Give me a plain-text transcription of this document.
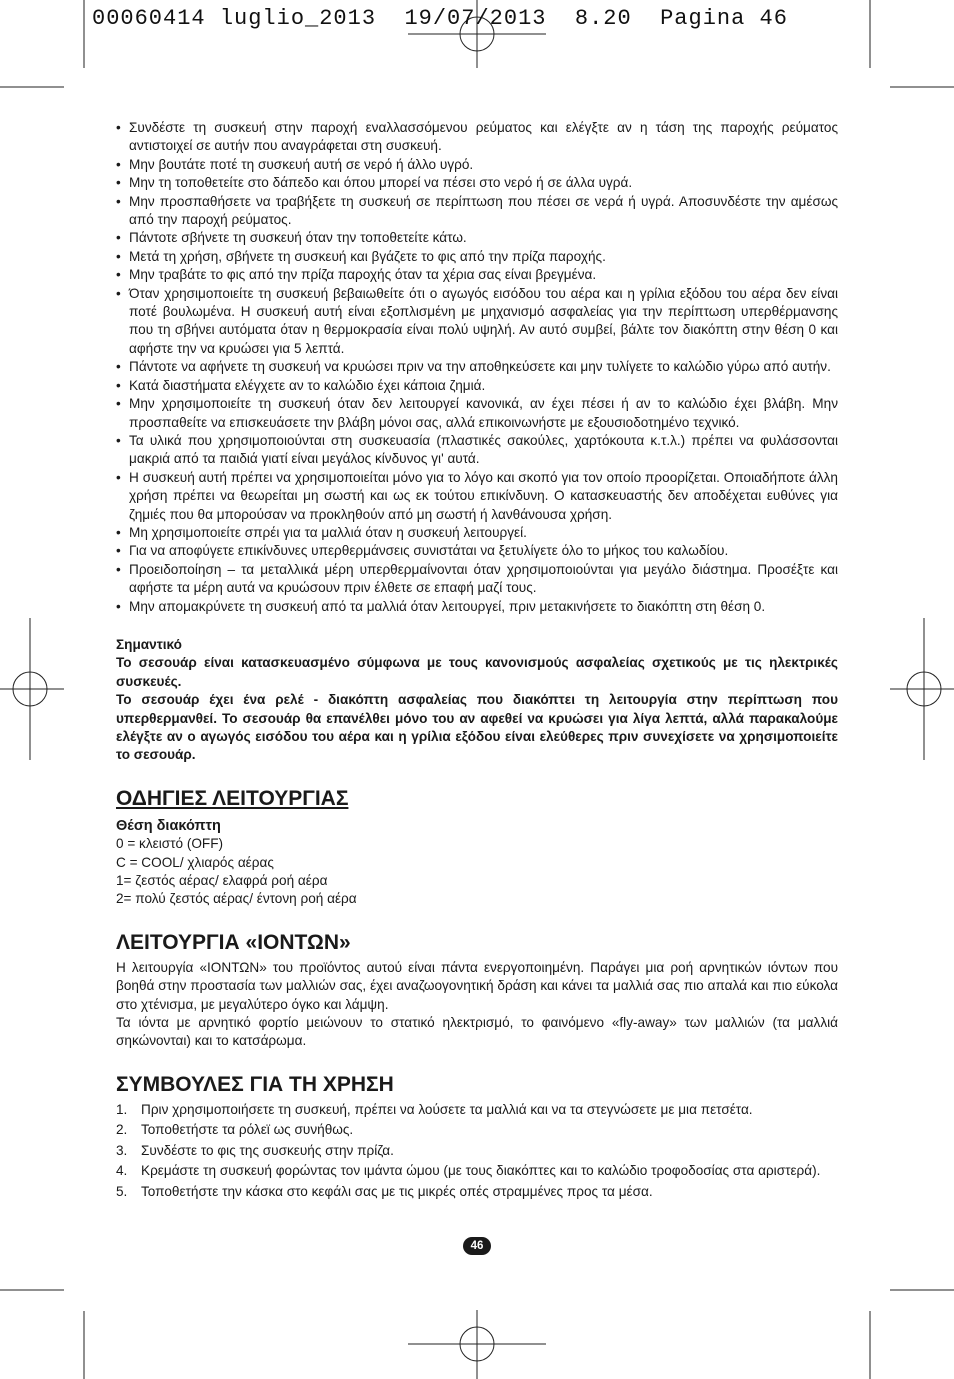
00060414 luglio_2013  19/07/2013  8.20  Pagina 46
• Συνδέστε τη συσκευή στην παροχή εναλλασσόμενου ρεύματος και ελέγξτε αν η τάση της παροχής ρεύματος αντιστοιχεί σε αυτήν που αναγράφεται στη συσκευή.
• Μην βουτάτε ποτέ τη συσκευή αυτή σε νερό ή άλλο υγρό.
• Μην τη τοποθετείτε στο δάπεδο και όπου μπορεί να πέσει στο νερό ή σε άλλα υγρά.
• Μην προσπαθήσετε να τραβήξετε τη συσκευή σε περίπτωση που πέσει σε νερά ή υγρά. Αποσυνδέστε την αμέσως από την παροχή ρεύματος.
• Πάντοτε σβήνετε τη συσκευή όταν την τοποθετείτε κάτω.
• Μετά τη χρήση, σβήνετε τη συσκευή και βγάζετε το φις από την πρίζα παροχής.
• Μην τραβάτε το φις από την πρίζα παροχής όταν τα χέρια σας είναι βρεγμένα.
• Όταν χρησιμοποιείτε τη συσκευή βεβαιωθείτε ότι ο αγωγός εισόδου του αέρα και η γρίλια εξόδου του αέρα δεν είναι ποτέ βουλωμένα. Η συσκευή αυτή είναι εξοπλισμένη με μηχανισμό ασφαλείας για την περίπτωση υπερθέρμανσης που τη σβήνει αυτόματα όταν η θερμοκρασία είναι πολύ υψηλή. Αν αυτό συμβεί, βάλτε τον διακόπτη στην θέση 0 και αφήστε την να κρυώσει για 5 λεπτά.
• Πάντοτε να αφήνετε τη συσκευή να κρυώσει πριν να την αποθηκεύσετε και μην τυλίγετε το καλώδιο γύρω από αυτήν.
• Κατά διαστήματα ελέγχετε αν το καλώδιο έχει κάποια ζημιά.
• Μην χρησιμοποιείτε τη συσκευή όταν δεν λειτουργεί κανονικά, αν έχει πέσει ή αν το καλώδιο έχει βλάβη. Μην προσπαθείτε να επισκευάσετε την βλάβη μόνοι σας, αλλά επικοινωνήστε με εξουσιοδοτημένο τεχνικό.
• Τα υλικά που χρησιμοποιούνται στη συσκευασία (πλαστικές σακούλες, χαρτόκουτα κ.τ.λ.) πρέπει να φυλάσσονται μακριά από τα παιδιά γιατί είναι μεγάλος κίνδυνος γι' αυτά.
• Η συσκευή αυτή πρέπει να χρησιμοποιείται μόνο για το λόγο και σκοπό για τον οποίο προορίζεται. Οποιαδήποτε άλλη χρήση πρέπει να θεωρείται μη σωστή και ως εκ τούτου επικίνδυνη. Ο κατασκευαστής δεν αποδέχεται ευθύνες για ζημιές που θα μπορούσαν να προκληθούν από μη σωστή ή λανθάνουσα χρήση.
• Μη χρησιμοποιείτε σπρέι για τα μαλλιά όταν η συσκευή λειτουργεί.
• Για να αποφύγετε επικίνδυνες υπερθερμάνσεις συνιστάται να ξετυλίγετε όλο το μήκος του καλωδίου.
• Προειδοποίηση – τα μεταλλικά μέρη υπερθερμαίνονται όταν χρησιμοποιούνται για μεγάλο διάστημα. Προσέξτε και αφήστε τα μέρη αυτά να κρυώσουν πριν έλθετε σε επαφή μαζί τους.
• Μην απομακρύνετε τη συσκευή από τα μαλλιά όταν λειτουργεί, πριν μετακινήσετε το διακόπτη στη θέση 0.
Σημαντικό
Το σεσουάρ είναι κατασκευασμένο σύμφωνα με τους κανονισμούς ασφαλείας σχετικούς με τις ηλεκτρικές συσκευές.
Το σεσουάρ έχει ένα ρελέ - διακόπτη ασφαλείας που διακόπτει τη λειτουργία στην περίπτωση που υπερθερμανθεί. Το σεσουάρ θα επανέλθει μόνο του αν αφεθεί να κρυώσει για λίγα λεπτά, αλλά παρακαλούμε ελέγξτε αν ο αγωγός εισόδου του αέρα και η γρίλια εξόδου είναι ελεύθερες πριν συνεχίσετε να χρησιμοποιείτε το σεσουάρ.
ΟΔΗΓΙΕΣ ΛΕΙΤΟΥΡΓΙΑΣ
Θέση διακόπτη

0 = κλειστό (OFF)

C = COOL/ χλιαρός αέρας

1= ζεστός αέρας/ ελαφρά ροή αέρα

2= πολύ ζεστός αέρας/ έντονη ροή αέρα

ΛΕΙΤΟΥΡΓΙΑ «ΙΟΝΤΩΝ»

Η λειτουργία «ΙΟΝΤΩΝ» του προϊόντος αυτού είναι πάντα ενεργοποιημένη. Παράγει μια ροή αρνητικών ιόντων που βοηθά στην προστασία των μαλλιών σας, έχει αναζωογονητική δράση και κάνει τα μαλλιά σας πιο απαλά και πιο εύκολα στο χτένισμα, με μεγαλύτερο όγκο και λάμψη.

Τα ιόντα με αρνητικό φορτίο μειώνουν το στατικό ηλεκτρισμό, το φαινόμενο «fly-away» των μαλλιών (τα μαλλιά σηκώνονται) και το κατσάρωμα.

ΣΥΜΒΟΥΛΕΣ ΓΙΑ ΤΗ ΧΡΗΣΗ
1. Πριν χρησιμοποιήσετε τη συσκευή, πρέπει να λούσετε τα μαλλιά και να τα στεγνώσετε με μια πετσέτα.
2. Τοποθετήστε τα ρόλεϊ ως συνήθως.
3. Συνδέστε το φις της συσκευής στην πρίζα.
4. Κρεμάστε τη συσκευή φορώντας τον ιμάντα ώμου (με τους διακόπτες και το καλώδιο τροφοδοσίας στα αριστερά).
5. Τοποθετήστε την κάσκα στο κεφάλι σας με τις μικρές οπές στραμμένες προς τα μέσα.
46
